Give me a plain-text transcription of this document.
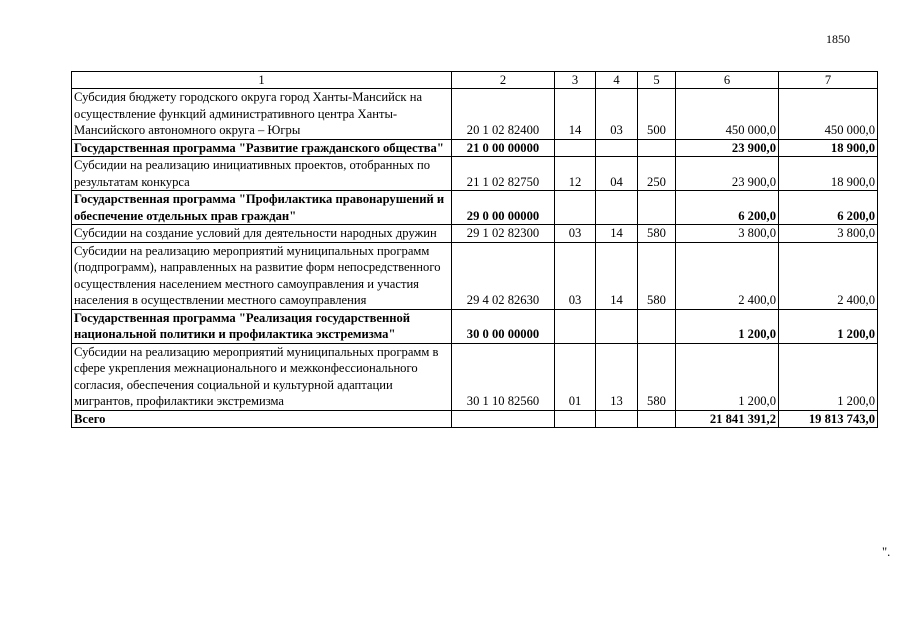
1850
1	2	3	4	5	6	7
Субсидия бюджету городского округа город Ханты-Мансийск на осуществление функций административного центра Ханты-Мансийского автономного округа – Югры	20 1 02 82400	14	03	500	450 000,0	450 000,0
Государственная программа "Развитие гражданского общества"	21 0 00 00000				23 900,0	18 900,0
Субсидии на реализацию инициативных проектов, отобранных по результатам конкурса	21 1 02 82750	12	04	250	23 900,0	18 900,0
Государственная программа "Профилактика правонарушений и обеспечение отдельных прав граждан"	29 0 00 00000				6 200,0	6 200,0
Субсидии на создание условий для деятельности народных дружин	29 1 02 82300	03	14	580	3 800,0	3 800,0
Субсидии на реализацию мероприятий муниципальных программ (подпрограмм), направленных на развитие форм непосредственного осуществления населением местного самоуправления и участия населения в осуществлении местного самоуправления	29 4 02 82630	03	14	580	2 400,0	2 400,0
Государственная программа "Реализация государственной национальной политики и профилактика экстремизма"	30 0 00 00000				1 200,0	1 200,0
Субсидии на реализацию мероприятий муниципальных программ в сфере укрепления межнационального и межконфессионального согласия, обеспечения социальной и культурной адаптации мигрантов, профилактики экстремизма	30 1 10 82560	01	13	580	1 200,0	1 200,0
Всего					21 841 391,2	19 813 743,0
".
